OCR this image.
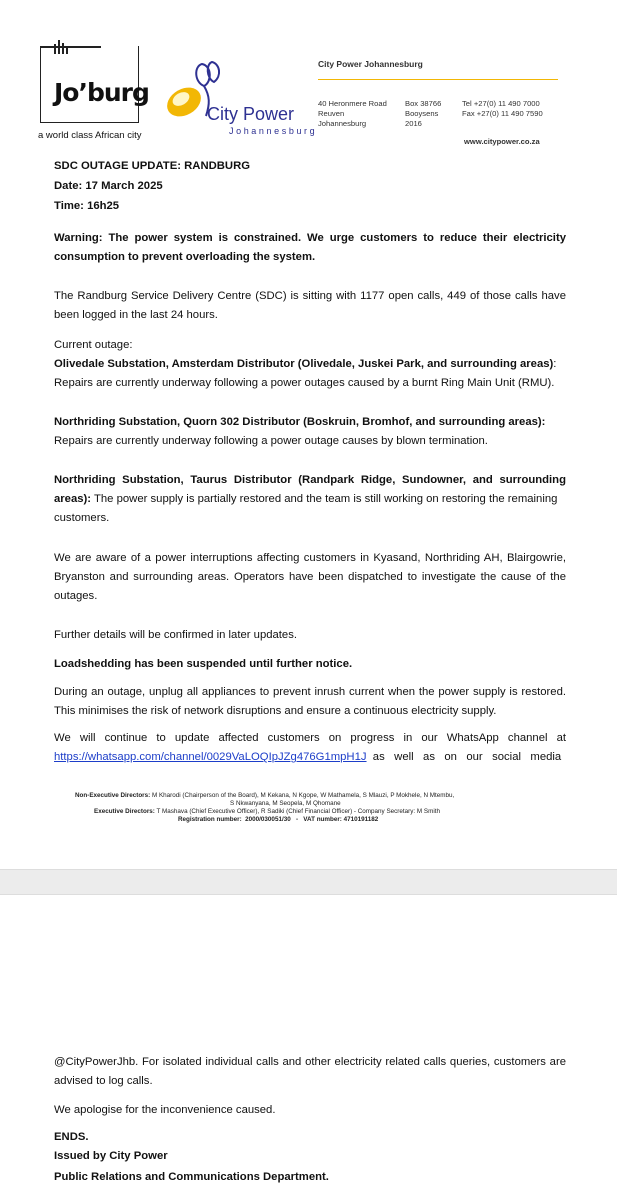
Jo’burg
a world class African city
City Power
Johannesburg
City Power Johannesburg
40 Heronmere Road
Reuven
Johannesburg
Box 38766
Booysens
2016
Tel +27(0) 11 490 7000
Fax +27(0) 11 490 7590
www.citypower.co.za
SDC OUTAGE UPDATE: RANDBURG
Date: 17 March 2025
Time: 16h25
Warning: The power system is constrained. We urge customers to reduce their electricity
consumption to prevent overloading the system.
The Randburg Service Delivery Centre (SDC) is sitting with 1177 open calls, 449 of those calls have
been logged in the last 24 hours.
Current outage:
Olivedale Substation, Amsterdam Distributor (Olivedale, Juskei Park, and surrounding areas):
Repairs are currently underway following a power outages caused by a burnt Ring Main Unit (RMU).
Northriding Substation, Quorn 302 Distributor (Boskruin, Bromhof, and surrounding areas):
Repairs are currently underway following a power outage causes by blown termination.
Northriding Substation, Taurus Distributor (Randpark Ridge, Sundowner, and surrounding
areas): The power supply is partially restored and the team is still working on restoring the remaining
customers.
We are aware of a power interruptions affecting customers in Kyasand, Northriding AH, Blairgowrie,
Bryanston and surrounding areas. Operators have been dispatched to investigate the cause of the
outages.
Further details will be confirmed in later updates.
Loadshedding has been suspended until further notice.
During an outage, unplug all appliances to prevent inrush current when the power supply is restored.
This minimises the risk of network disruptions and ensure a continuous electricity supply.
We will continue to update affected customers on progress in our WhatsApp channel at
https://whatsapp.com/channel/0029VaLOQIpJZg476G1mpH1J  as   well   as   on   our   social   media
Non-Executive Directors: M Kharodi (Chairperson of the Board), M Kekana, N Kgope, W Mathamela, S Mlauzi, P Mokhele, N Mtembu,
S Nkwanyana, M Seopela, M Qhomane
Executive Directors: T Mashava (Chief Executive Officer), R Sadiki (Chief Financial Officer) - Company Secretary: M Smith
Registration number:  2000/030051/30   -   VAT number: 4710191182
@CityPowerJhb. For isolated individual calls and other electricity related calls queries, customers are
advised to log calls.
We apologise for the inconvenience caused.
ENDS.
Issued by City Power
Public Relations and Communications Department.
